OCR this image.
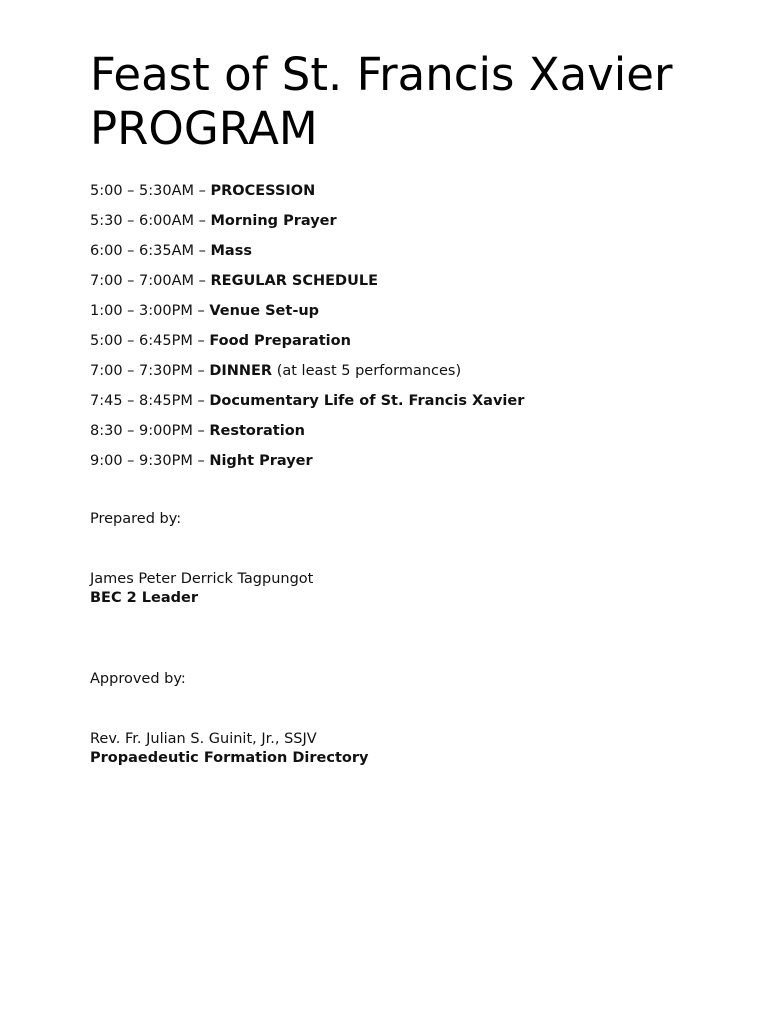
Feast of St. Francis Xavier
PROGRAM
5:00 – 5:30AM – PROCESSION
5:30 – 6:00AM – Morning Prayer
6:00 – 6:35AM – Mass
7:00 – 7:00AM – REGULAR SCHEDULE
1:00 – 3:00PM – Venue Set-up
5:00 – 6:45PM – Food Preparation
7:00 – 7:30PM – DINNER (at least 5 performances)
7:45 – 8:45PM – Documentary Life of St. Francis Xavier
8:30 – 9:00PM – Restoration
9:00 – 9:30PM – Night Prayer
Prepared by:
James Peter Derrick Tagpungot
BEC 2 Leader
Approved by:
Rev. Fr. Julian S. Guinit, Jr., SSJV
Propaedeutic Formation Directory
